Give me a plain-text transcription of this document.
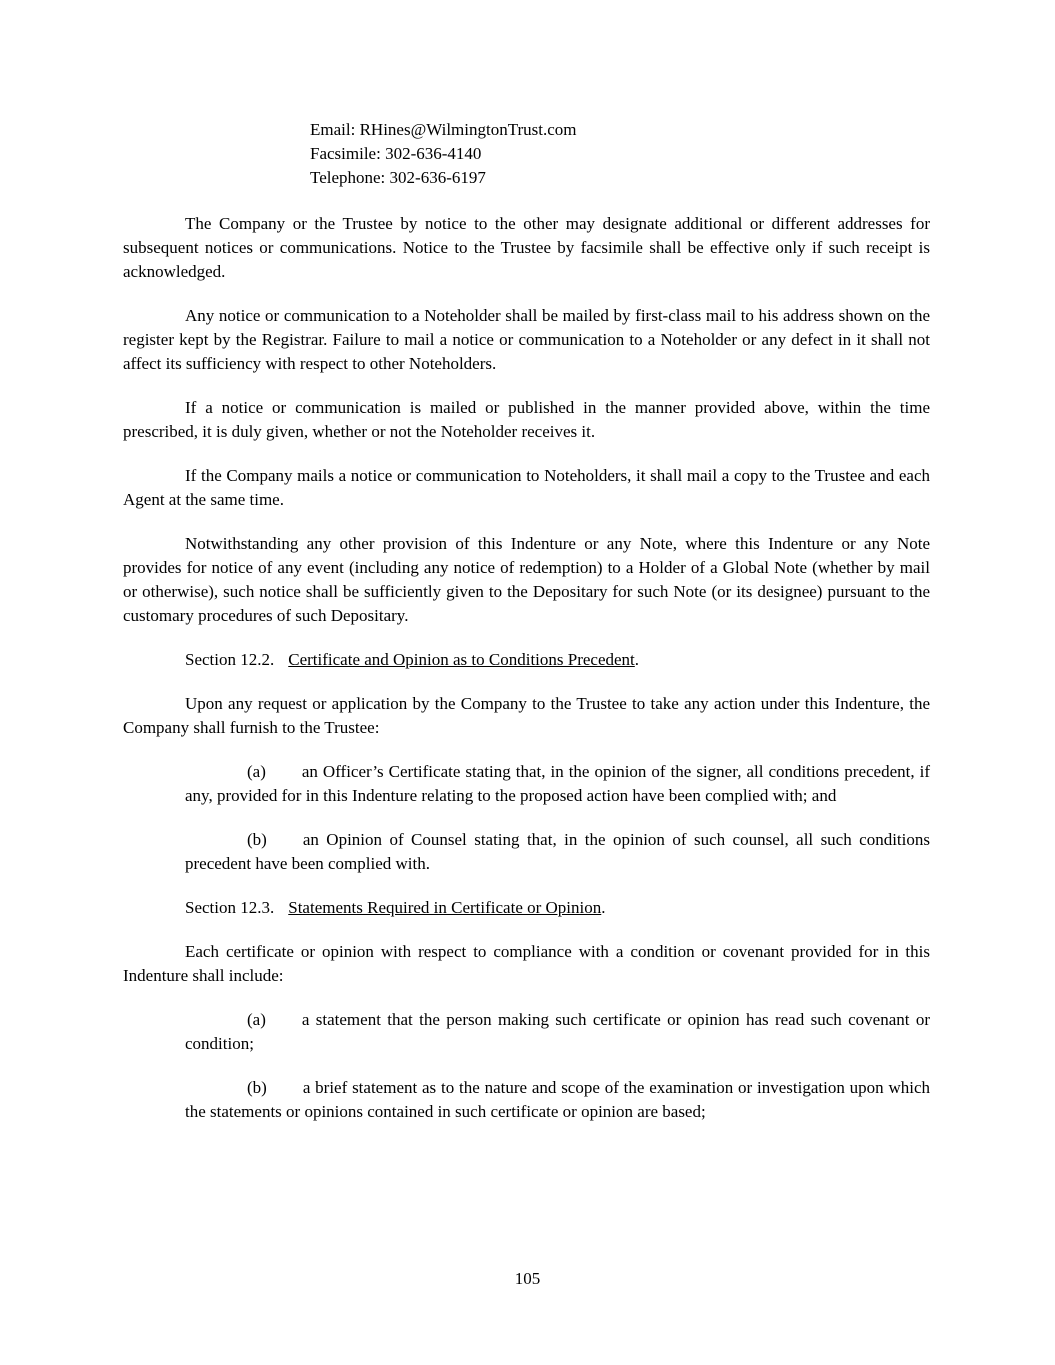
Email: RHines@WilmingtonTrust.com
Facsimile: 302-636-4140
Telephone: 302-636-6197

The Company or the Trustee by notice to the other may designate additional or different addresses for subsequent notices or communications. Notice to the Trustee by facsimile shall be effective only if such receipt is acknowledged.

Any notice or communication to a Noteholder shall be mailed by first-class mail to his address shown on the register kept by the Registrar. Failure to mail a notice or communication to a Noteholder or any defect in it shall not affect its sufficiency with respect to other Noteholders.

If a notice or communication is mailed or published in the manner provided above, within the time prescribed, it is duly given, whether or not the Noteholder receives it.

If the Company mails a notice or communication to Noteholders, it shall mail a copy to the Trustee and each Agent at the same time.

Notwithstanding any other provision of this Indenture or any Note, where this Indenture or any Note provides for notice of any event (including any notice of redemption) to a Holder of a Global Note (whether by mail or otherwise), such notice shall be sufficiently given to the Depositary for such Note (or its designee) pursuant to the customary procedures of such Depositary.

Section 12.2. Certificate and Opinion as to Conditions Precedent.

Upon any request or application by the Company to the Trustee to take any action under this Indenture, the Company shall furnish to the Trustee:

(a) an Officer’s Certificate stating that, in the opinion of the signer, all conditions precedent, if any, provided for in this Indenture relating to the proposed action have been complied with; and
(b) an Opinion of Counsel stating that, in the opinion of such counsel, all such conditions precedent have been complied with.
Section 12.3. Statements Required in Certificate or Opinion.

Each certificate or opinion with respect to compliance with a condition or covenant provided for in this Indenture shall include:

(a) a statement that the person making such certificate or opinion has read such covenant or condition;
(b) a brief statement as to the nature and scope of the examination or investigation upon which the statements or opinions contained in such certificate or opinion are based;
105
